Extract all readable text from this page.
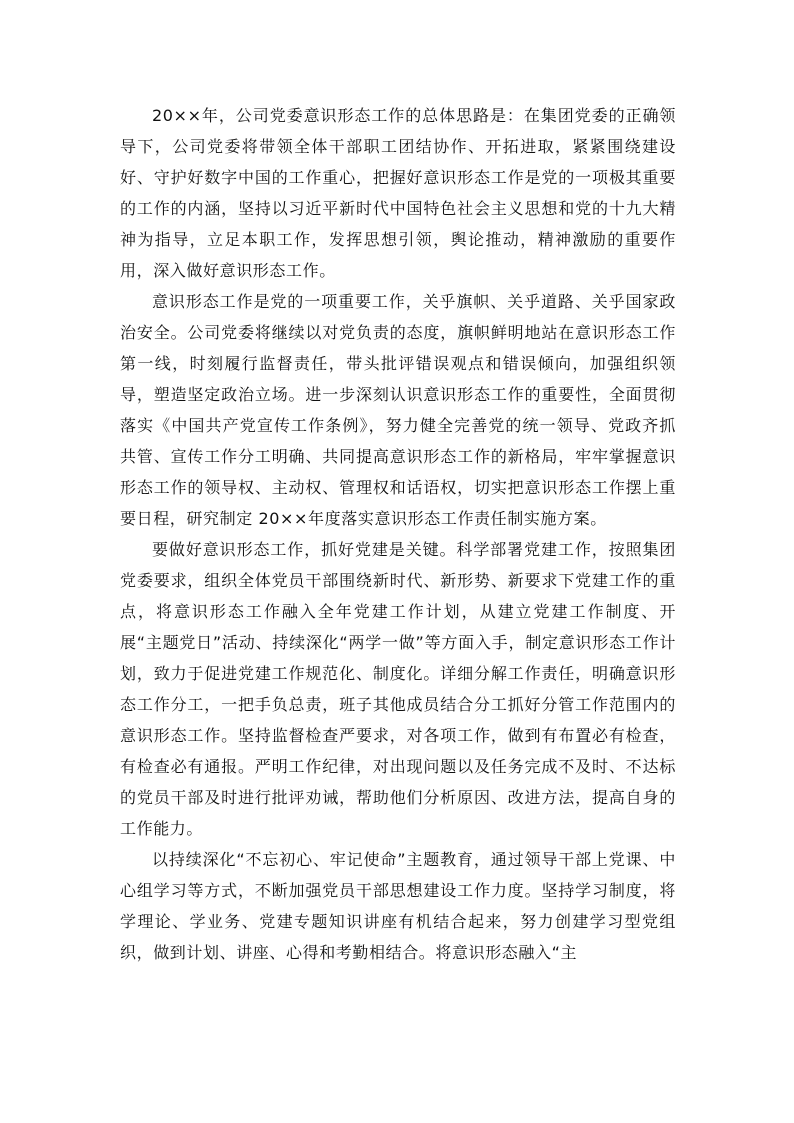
20××年，公司党委意识形态工作的总体思路是：在集团党委的正确领导下，公司党委将带领全体干部职工团结协作、开拓进取，紧紧围绕建设好、守护好数字中国的工作重心，把握好意识形态工作是党的一项极其重要的工作的内涵，坚持以习近平新时代中国特色社会主义思想和党的十九大精神为指导，立足本职工作，发挥思想引领，舆论推动，精神激励的重要作用，深入做好意识形态工作。

意识形态工作是党的一项重要工作，关乎旗帜、关乎道路、关乎国家政治安全。公司党委将继续以对党负责的态度，旗帜鲜明地站在意识形态工作第一线，时刻履行监督责任，带头批评错误观点和错误倾向，加强组织领导，塑造坚定政治立场。进一步深刻认识意识形态工作的重要性，全面贯彻落实《中国共产党宣传工作条例》，努力健全完善党的统一领导、党政齐抓共管、宣传工作分工明确、共同提高意识形态工作的新格局，牢牢掌握意识形态工作的领导权、主动权、管理权和话语权，切实把意识形态工作摆上重要日程，研究制定 20××年度落实意识形态工作责任制实施方案。

要做好意识形态工作，抓好党建是关键。科学部署党建工作，按照集团党委要求，组织全体党员干部围绕新时代、新形势、新要求下党建工作的重点，将意识形态工作融入全年党建工作计划，从建立党建工作制度、开展“主题党日”活动、持续深化“两学一做”等方面入手，制定意识形态工作计划，致力于促进党建工作规范化、制度化。详细分解工作责任，明确意识形态工作分工，一把手负总责，班子其他成员结合分工抓好分管工作范围内的意识形态工作。坚持监督检查严要求，对各项工作，做到有布置必有检查，有检查必有通报。严明工作纪律，对出现问题以及任务完成不及时、不达标的党员干部及时进行批评劝诫，帮助他们分析原因、改进方法，提高自身的工作能力。

以持续深化“不忘初心、牢记使命”主题教育，通过领导干部上党课、中心组学习等方式，不断加强党员干部思想建设工作力度。坚持学习制度，将学理论、学业务、党建专题知识讲座有机结合起来，努力创建学习型党组织，做到计划、讲座、心得和考勤相结合。将意识形态融入“主
